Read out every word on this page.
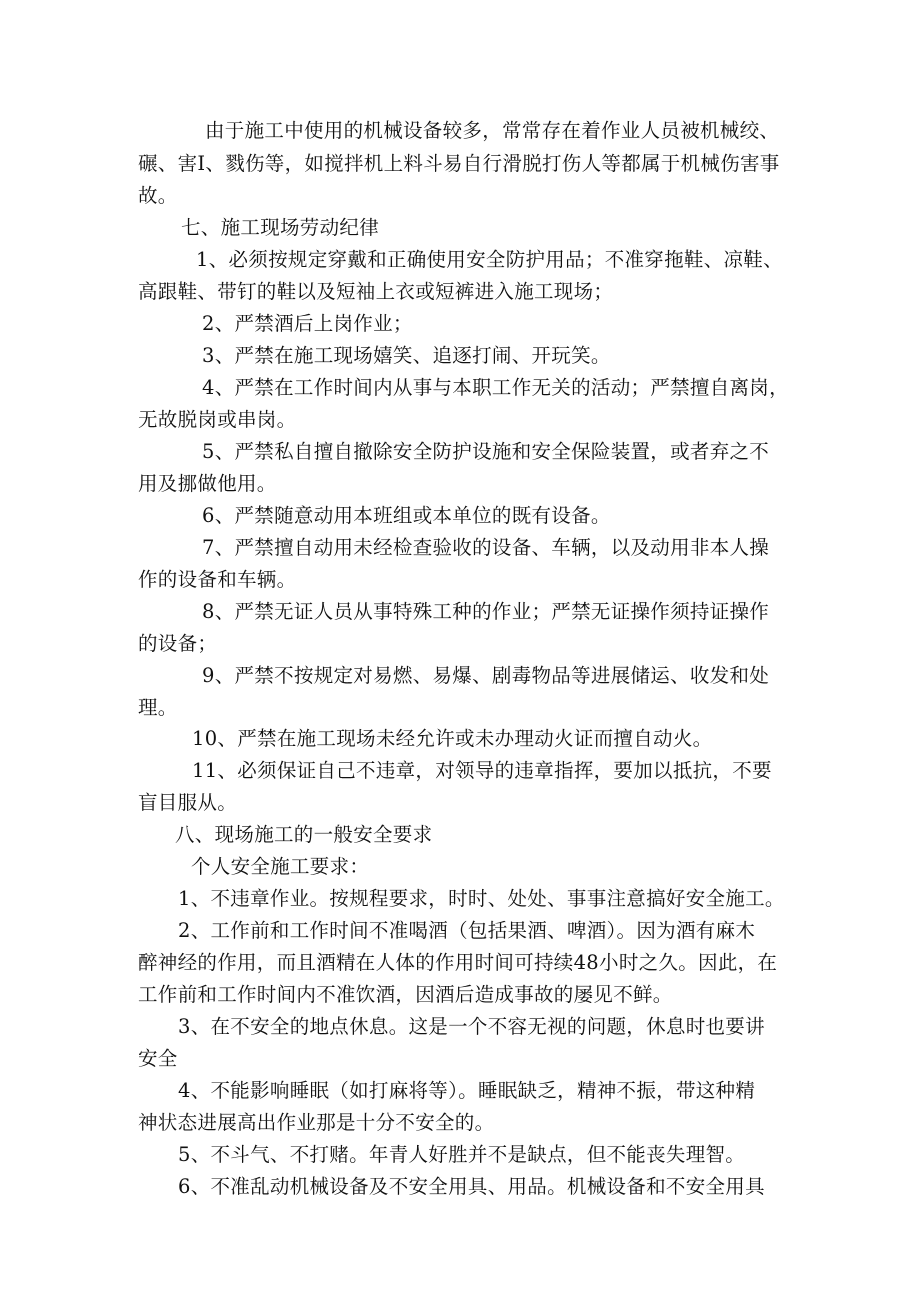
由于施工中使用的机械设备较多，常常存在着作业人员被机械绞、
碾、害I、戮伤等，如搅拌机上料斗易自行滑脱打伤人等都属于机械伤害事
故。
七、施工现场劳动纪律
1、必须按规定穿戴和正确使用安全防护用品；不准穿拖鞋、凉鞋、
高跟鞋、带钉的鞋以及短袖上衣或短裤进入施工现场；
2、严禁酒后上岗作业；
3、严禁在施工现场嬉笑、追逐打闹、开玩笑。
4、严禁在工作时间内从事与本职工作无关的活动；严禁擅自离岗，
无故脱岗或串岗。
5、严禁私自擅自撤除安全防护设施和安全保险装置，或者弃之不
用及挪做他用。
6、严禁随意动用本班组或本单位的既有设备。
7、严禁擅自动用未经检查验收的设备、车辆，以及动用非本人操
作的设备和车辆。
8、严禁无证人员从事特殊工种的作业；严禁无证操作须持证操作
的设备；
9、严禁不按规定对易燃、易爆、剧毒物品等进展储运、收发和处
理。
10、严禁在施工现场未经允许或未办理动火证而擅自动火。
11、必须保证自己不违章，对领导的违章指挥，要加以抵抗，不要
盲目服从。
八、现场施工的一般安全要求
个人安全施工要求：
1、不违章作业。按规程要求，时时、处处、事事注意搞好安全施工。
2、工作前和工作时间不准喝酒（包括果酒、啤酒）。因为酒有麻木
醉神经的作用，而且酒精在人体的作用时间可持续48小时之久。因此，在
工作前和工作时间内不准饮酒，因酒后造成事故的屡见不鲜。
3、在不安全的地点休息。这是一个不容无视的问题，休息时也要讲
安全
4、不能影响睡眠（如打麻将等）。睡眠缺乏，精神不振，带这种精
神状态进展高出作业那是十分不安全的。
5、不斗气、不打赌。年青人好胜并不是缺点，但不能丧失理智。
6、不准乱动机械设备及不安全用具、用品。机械设备和不安全用具
